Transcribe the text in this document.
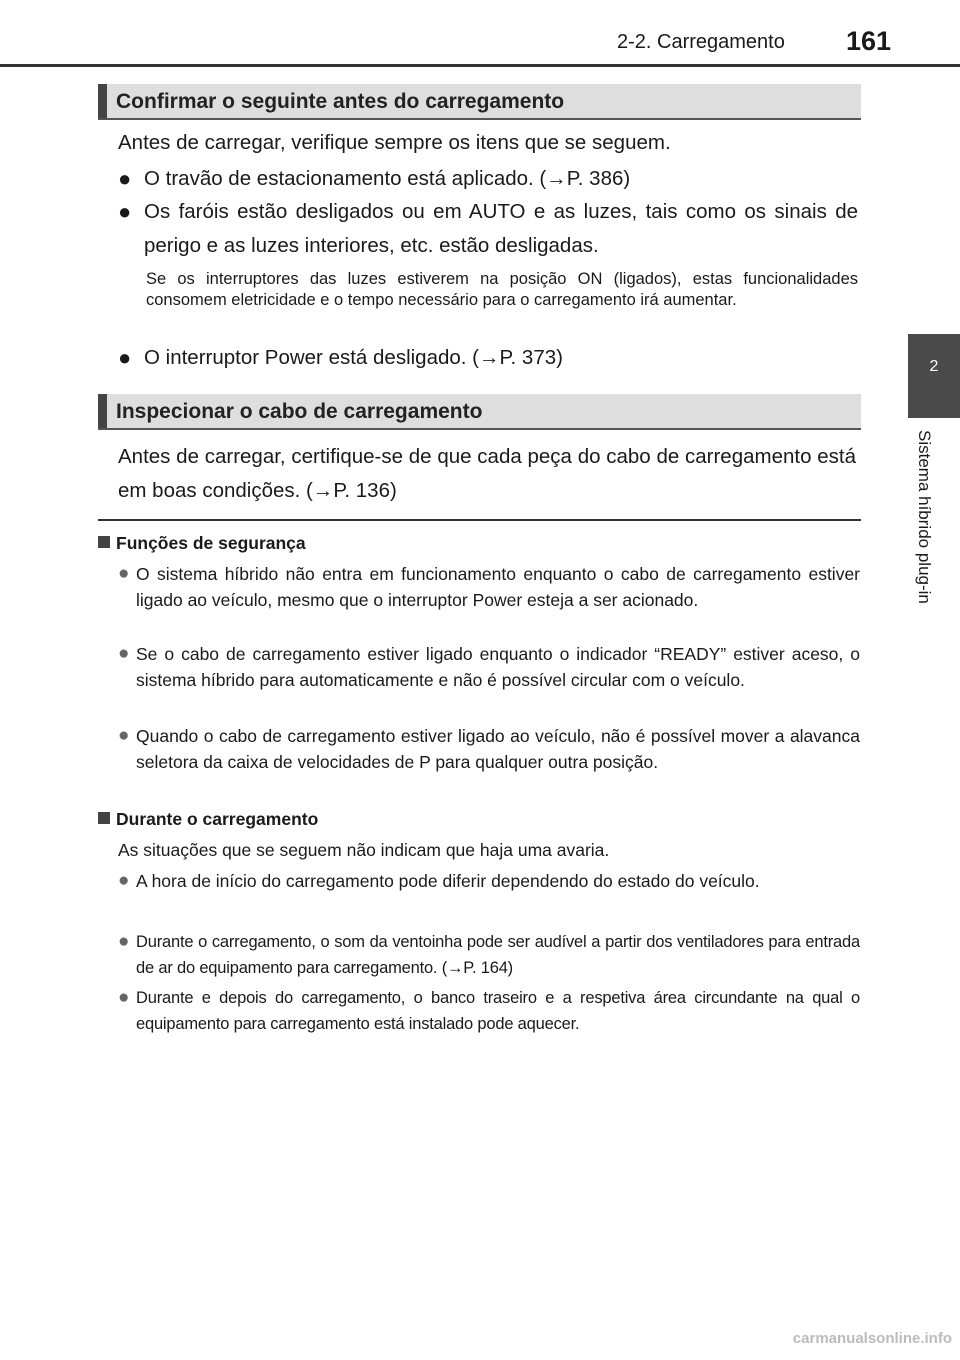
2-2. Carregamento 161
2
Sistema híbrido plug-in
Confirmar o seguinte antes do carregamento

Antes de carregar, verifique sempre os itens que se seguem.

● O travão de estacionamento está aplicado. (→P. 386)
● Os faróis estão desligados ou em AUTO e as luzes, tais como os sinais de perigo e as luzes interiores, etc. estão desligadas.
Se os interruptores das luzes estiverem na posição ON (ligados), estas funcionalidades consomem eletricidade e o tempo necessário para o carregamento irá aumentar.
● O interruptor Power está desligado. (→P. 373)
Inspecionar o cabo de carregamento

Antes de carregar, certifique-se de que cada peça do cabo de carregamento está em boas condições. (→P. 136)

Funções de segurança
● O sistema híbrido não entra em funcionamento enquanto o cabo de carregamento estiver ligado ao veículo, mesmo que o interruptor Power esteja a ser acionado.
● Se o cabo de carregamento estiver ligado enquanto o indicador “READY” estiver aceso, o sistema híbrido para automaticamente e não é possível circular com o veículo.
● Quando o cabo de carregamento estiver ligado ao veículo, não é possível mover a alavanca seletora da caixa de velocidades de P para qualquer outra posição.
Durante o carregamento
As situações que se seguem não indicam que haja uma avaria.
● A hora de início do carregamento pode diferir dependendo do estado do veículo.
● Durante o carregamento, o som da ventoinha pode ser audível a partir dos ventiladores para entrada de ar do equipamento para carregamento. (→P. 164)
● Durante e depois do carregamento, o banco traseiro e a respetiva área circundante na qual o equipamento para carregamento está instalado pode aquecer.
carmanualsonline.info
